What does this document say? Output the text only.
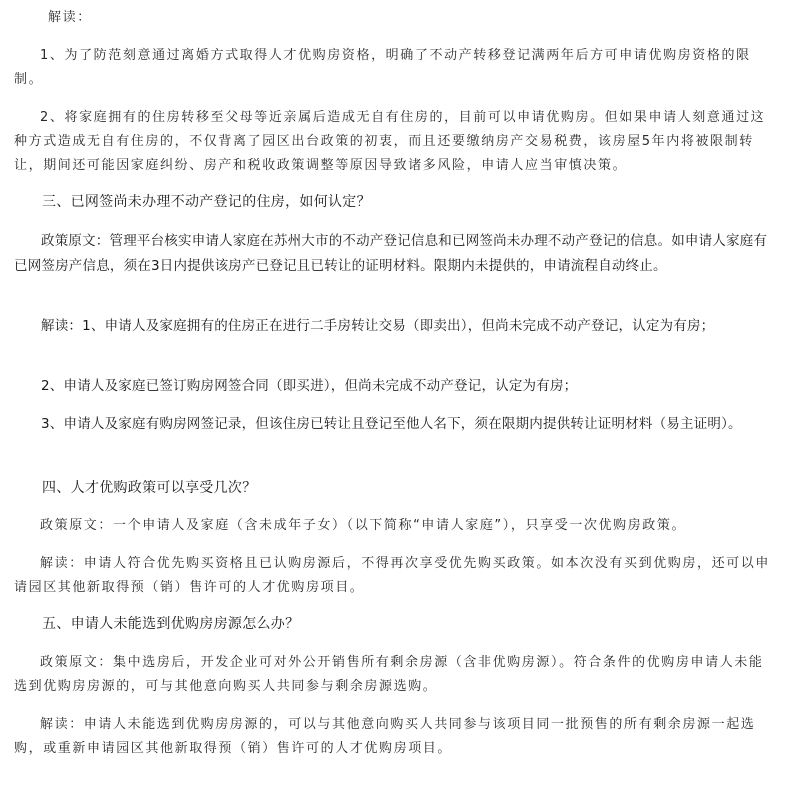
解读：

1、为了防范刻意通过离婚方式取得人才优购房资格，明确了不动产转移登记满两年后方可申请优购房资格的限制。

2、将家庭拥有的住房转移至父母等近亲属后造成无自有住房的，目前可以申请优购房。但如果申请人刻意通过这种方式造成无自有住房的，不仅背离了园区出台政策的初衷，而且还要缴纳房产交易税费，该房屋5年内将被限制转让，期间还可能因家庭纠纷、房产和税收政策调整等原因导致诸多风险，申请人应当审慎决策。

三、已网签尚未办理不动产登记的住房，如何认定？

政策原文：管理平台核实申请人家庭在苏州大市的不动产登记信息和已网签尚未办理不动产登记的信息。如申请人家庭有已网签房产信息，须在3日内提供该房产已登记且已转让的证明材料。限期内未提供的，申请流程自动终止。

解读：1、申请人及家庭拥有的住房正在进行二手房转让交易（即卖出），但尚未完成不动产登记，认定为有房；

2、申请人及家庭已签订购房网签合同（即买进），但尚未完成不动产登记，认定为有房；

3、申请人及家庭有购房网签记录，但该住房已转让且登记至他人名下，须在限期内提供转让证明材料（易主证明）。

四、人才优购政策可以享受几次？

政策原文：一个申请人及家庭（含未成年子女）（以下简称“申请人家庭”），只享受一次优购房政策。

解读：申请人符合优先购买资格且已认购房源后，不得再次享受优先购买政策。如本次没有买到优购房，还可以申请园区其他新取得预（销）售许可的人才优购房项目。

五、申请人未能选到优购房房源怎么办？

政策原文：集中选房后，开发企业可对外公开销售所有剩余房源（含非优购房源）。符合条件的优购房申请人未能选到优购房房源的，可与其他意向购买人共同参与剩余房源选购。

解读：申请人未能选到优购房房源的，可以与其他意向购买人共同参与该项目同一批预售的所有剩余房源一起选购，或重新申请园区其他新取得预（销）售许可的人才优购房项目。
